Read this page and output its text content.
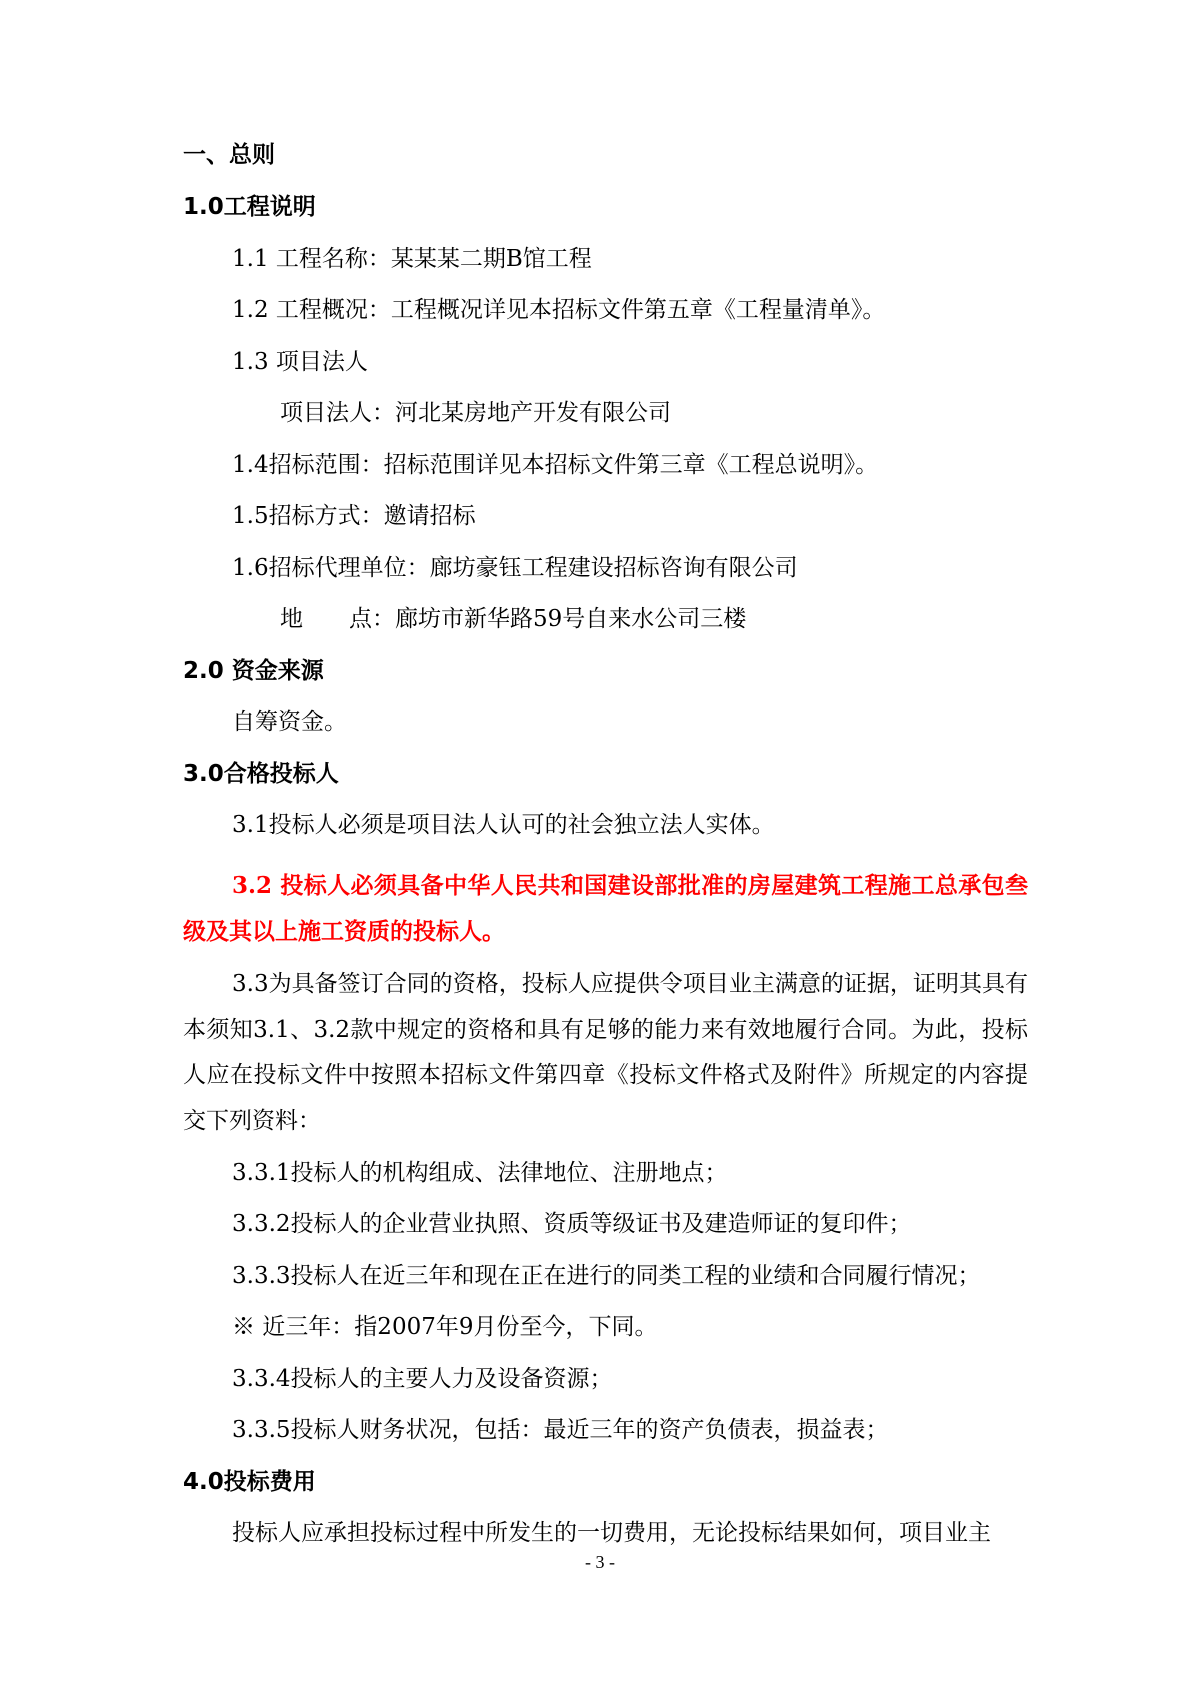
一、总则
1.0工程说明
1.1 工程名称：某某某二期B馆工程
1.2 工程概况：工程概况详见本招标文件第五章《工程量清单》。
1.3 项目法人
项目法人：河北某房地产开发有限公司
1.4招标范围：招标范围详见本招标文件第三章《工程总说明》。
1.5招标方式：邀请招标
1.6招标代理单位：廊坊豪钰工程建设招标咨询有限公司
地　　点：廊坊市新华路59号自来水公司三楼
2.0 资金来源
自筹资金。
3.0合格投标人
3.1投标人必须是项目法人认可的社会独立法人实体。
3.2 投标人必须具备中华人民共和国建设部批准的房屋建筑工程施工总承包叁级及其以上施工资质的投标人。
3.3为具备签订合同的资格，投标人应提供令项目业主满意的证据，证明其具有本须知3.1、3.2款中规定的资格和具有足够的能力来有效地履行合同。为此，投标人应在投标文件中按照本招标文件第四章《投标文件格式及附件》所规定的内容提交下列资料：
3.3.1投标人的机构组成、法律地位、注册地点；
3.3.2投标人的企业营业执照、资质等级证书及建造师证的复印件；
3.3.3投标人在近三年和现在正在进行的同类工程的业绩和合同履行情况；
※ 近三年：指2007年9月份至今，下同。
3.3.4投标人的主要人力及设备资源；
3.3.5投标人财务状况，包括：最近三年的资产负债表，损益表；
4.0投标费用
投标人应承担投标过程中所发生的一切费用，无论投标结果如何，项目业主
- 3 -
